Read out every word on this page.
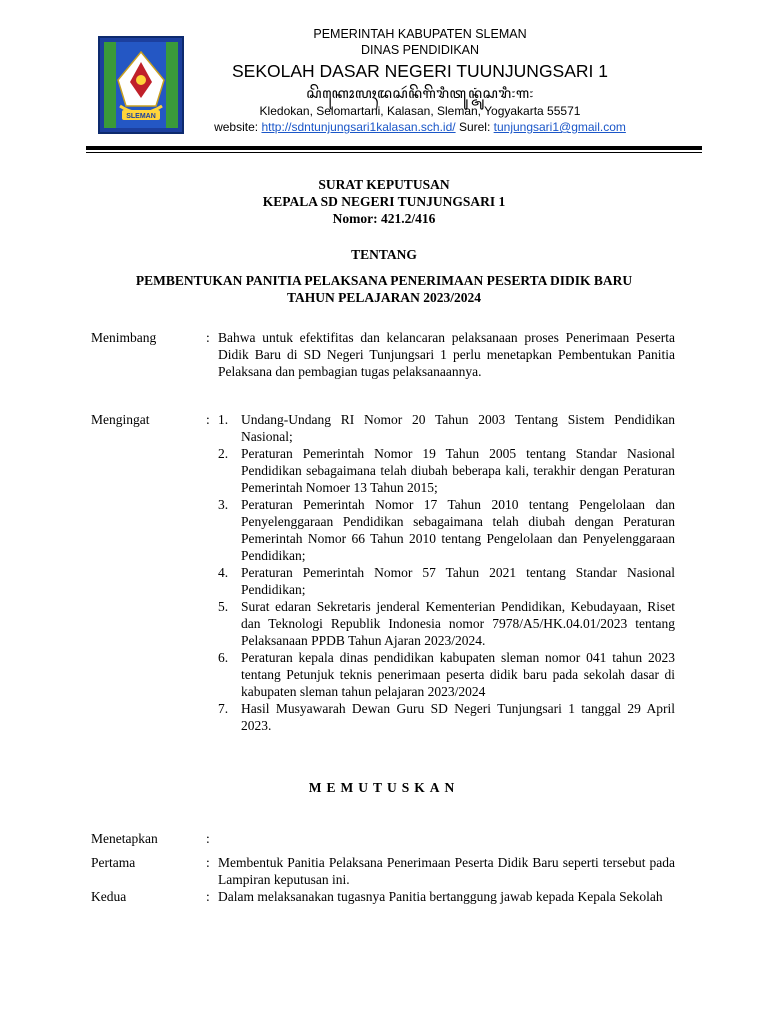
SLEMAN
PEMERINTAH KABUPATEN SLEMAN
DINAS PENDIDIKAN
SEKOLAH DASAR NEGERI TUUNJUNGSARI 1
ꦱꦼꦏꦺꦴꦭꦃꦢꦱꦂꦤꦼꦒꦼꦫꦶꦠꦸꦤ꧀ꦗꦸꦁꦱꦫꦶ꧇꧑꧇
Kledokan, Selomartani, Kalasan, Sleman, Yogyakarta 55571
website: http://sdntunjungsari1kalasan.sch.id/ Surel: tunjungsari1@gmail.com
SURAT KEPUTUSAN
KEPALA SD NEGERI TUNJUNGSARI 1
Nomor: 421.2/416
TENTANG
PEMBENTUKAN PANITIA PELAKSANA PENERIMAAN PESERTA DIDIK BARU
TAHUN PELAJARAN 2023/2024
Menimbang	: Bahwa untuk efektifitas dan kelancaran pelaksanaan proses Penerimaan Peserta Didik Baru di SD Negeri Tunjungsari 1 perlu menetapkan Pembentukan Panitia Pelaksana dan pembagian tugas pelaksanaannya.
Mengingat	: 1. Undang-Undang RI Nomor 20 Tahun 2003 Tentang Sistem Pendidikan Nasional;
2. Peraturan Pemerintah Nomor 19 Tahun 2005 tentang Standar Nasional Pendidikan sebagaimana telah diubah beberapa kali, terakhir dengan Peraturan Pemerintah Nomoer 13 Tahun 2015;
3. Peraturan Pemerintah Nomor 17 Tahun 2010 tentang Pengelolaan dan Penyelenggaraan Pendidikan sebagaimana telah diubah dengan Peraturan Pemerintah Nomor 66 Tahun 2010 tentang Pengelolaan dan Penyelenggaraan Pendidikan;
4. Peraturan Pemerintah Nomor 57 Tahun 2021 tentang Standar Nasional Pendidikan;
5. Surat edaran Sekretaris jenderal Kementerian Pendidikan, Kebudayaan, Riset dan Teknologi Republik Indonesia nomor 7978/A5/HK.04.01/2023 tentang Pelaksanaan PPDB Tahun Ajaran 2023/2024.
6. Peraturan kepala dinas pendidikan kabupaten sleman nomor 041 tahun 2023 tentang Petunjuk teknis penerimaan peserta didik baru pada sekolah dasar di kabupaten sleman tahun pelajaran 2023/2024
7. Hasil Musyawarah Dewan Guru SD Negeri Tunjungsari 1 tanggal 29 April 2023.
MEMUTUSKAN
Menetapkan	:
Pertama	: Membentuk Panitia Pelaksana Penerimaan Peserta Didik Baru seperti tersebut pada Lampiran keputusan ini.
Kedua	: Dalam melaksanakan tugasnya Panitia bertanggung jawab kepada Kepala Sekolah
